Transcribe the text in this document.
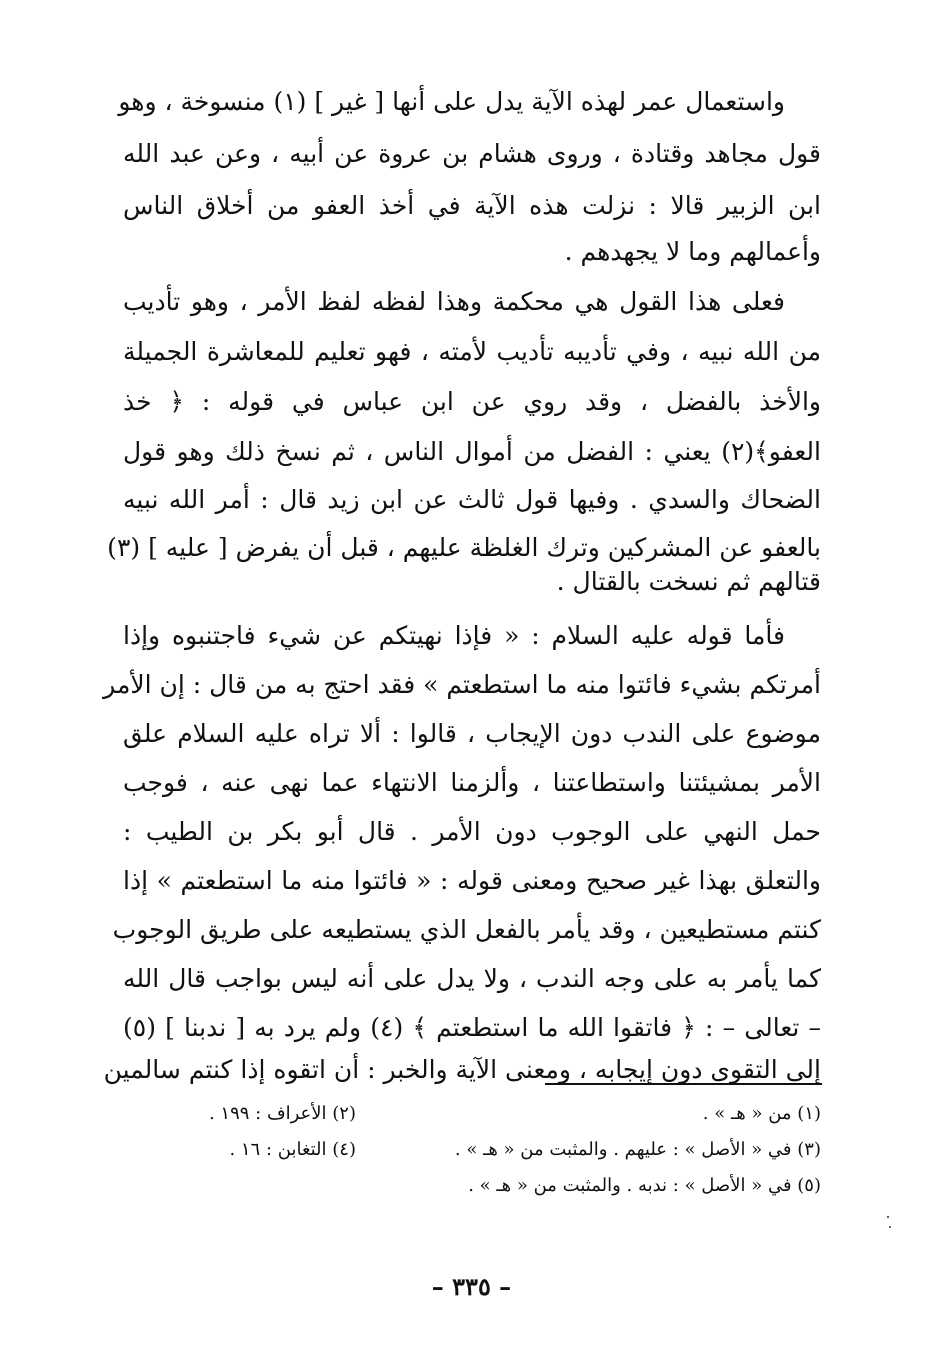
واستعمال عمر لهذه الآية يدل على أنها [ غير ] (١) منسوخة ، وهو
قول مجاهد وقتادة ، وروى هشام بن عروة عن أبيه ، وعن عبد الله
ابن الزبير قالا : نزلت هذه الآية في أخذ العفو من أخلاق الناس
وأعمالهم وما لا يجهدهم .
فعلى هذا القول هي محكمة وهذا لفظه لفظ الأمر ، وهو تأديب
من الله نبيه ، وفي تأديبه تأديب لأمته ، فهو تعليم للمعاشرة الجميلة
والأخذ بالفضل ، وقد روي عن ابن عباس في قوله : ﴿ خذ
العفو﴾(٢) يعني : الفضل من أموال الناس ، ثم نسخ ذلك وهو قول
الضحاك والسدي . وفيها قول ثالث عن ابن زيد قال : أمر الله نبيه
بالعفو عن المشركين وترك الغلظة عليهم ، قبل أن يفرض [ عليه ] (٣)
قتالهم ثم نسخت بالقتال .
فأما قوله عليه السلام : « فإذا نهيتكم عن شيء فاجتنبوه وإذا
أمرتكم بشيء فائتوا منه ما استطعتم » فقد احتج به من قال : إن الأمر
موضوع على الندب دون الإيجاب ، قالوا : ألا تراه عليه السلام علق
الأمر بمشيئتنا واستطاعتنا ، وألزمنا الانتهاء عما نهى عنه ، فوجب
حمل النهي على الوجوب دون الأمر . قال أبو بكر بن الطيب :
والتعلق بهذا غير صحيح ومعنى قوله : « فائتوا منه ما استطعتم » إذا
كنتم مستطيعين ، وقد يأمر بالفعل الذي يستطيعه على طريق الوجوب
كما يأمر به على وجه الندب ، ولا يدل على أنه ليس بواجب قال الله
– تعالى – : ﴿ فاتقوا الله ما استطعتم ﴾ (٤) ولم يرد به [ ندبنا ] (٥)
إلى التقوى دون إيجابه ، ومعنى الآية والخبر : أن اتقوه إذا كنتم سالمين
(١) من « هـ » .
(٢) الأعراف : ١٩٩ .
(٣) في « الأصل » : عليهم . والمثبت من « هـ » .
(٤) التغابن : ١٦ .
(٥) في « الأصل » : ندبه . والمثبت من « هـ » .
– ٣٣٥ –
